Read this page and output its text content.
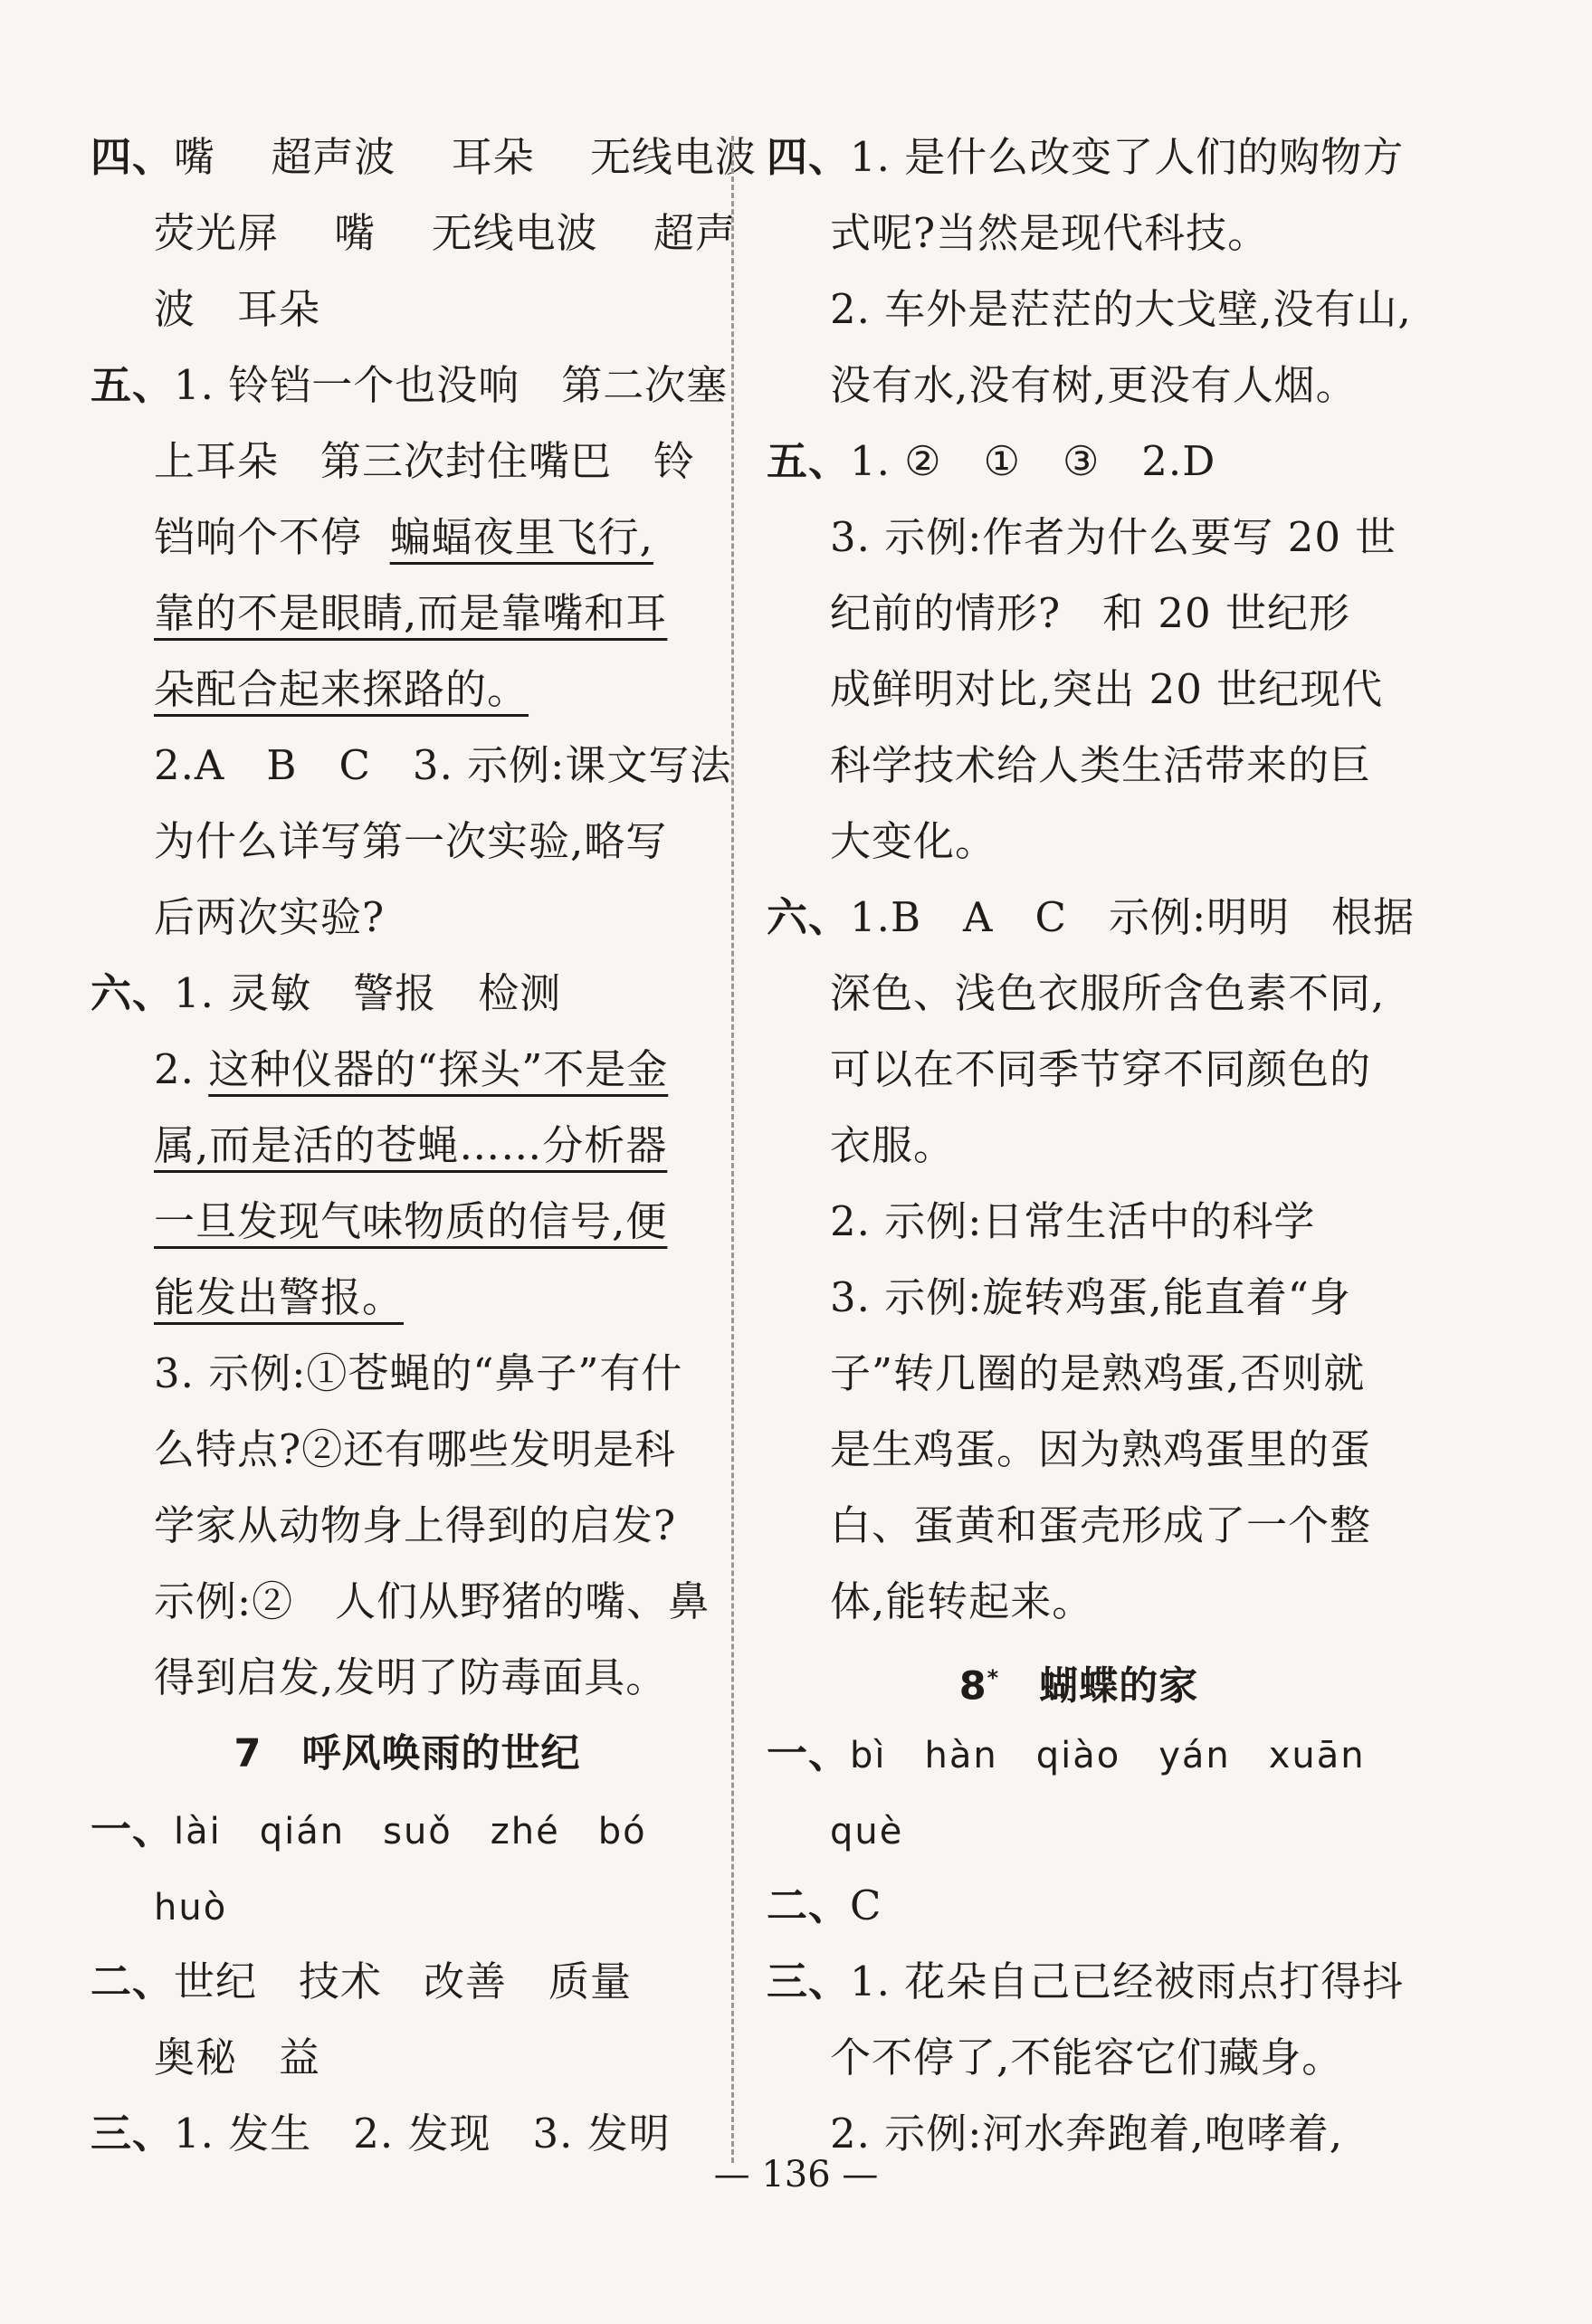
四、嘴　 超声波 　耳朵 　无线电波
荧光屏　 嘴 　无线电波 　超声
波　耳朵
五、1. 铃铛一个也没响　第二次塞
上耳朵　第三次封住嘴巴　铃
铛响个不停 蝙蝠夜里飞行,
靠的不是眼睛,而是靠嘴和耳
朵配合起来探路的。
2.A　B　C　3. 示例:课文写法
为什么详写第一次实验,略写
后两次实验?
六、1. 灵敏　警报　检测
2. 这种仪器的“探头”不是金
属,而是活的苍蝇……分析器
一旦发现气味物质的信号,便
能发出警报。
3. 示例:①苍蝇的“鼻子”有什
么特点?②还有哪些发明是科
学家从动物身上得到的启发?
示例:②　人们从野猪的嘴、鼻
得到启发,发明了防毒面具。
7　呼风唤雨的世纪
一、lài　qián　suǒ　zhé　bó
huò
二、世纪　技术　改善　质量
奥秘　益
三、1. 发生　2. 发现　3. 发明
四、1. 是什么改变了人们的购物方
式呢?当然是现代科技。
2. 车外是茫茫的大戈壁,没有山,
没有水,没有树,更没有人烟。
五、1. ②　①　③　2.D
3. 示例:作者为什么要写 20 世
纪前的情形?　和 20 世纪形
成鲜明对比,突出 20 世纪现代
科学技术给人类生活带来的巨
大变化。
六、1.B　A　C　示例:明明　根据
深色、浅色衣服所含色素不同,
可以在不同季节穿不同颜色的
衣服。
2. 示例:日常生活中的科学
3. 示例:旋转鸡蛋,能直着“身
子”转几圈的是熟鸡蛋,否则就
是生鸡蛋。因为熟鸡蛋里的蛋
白、蛋黄和蛋壳形成了一个整
体,能转起来。
8*　蝴蝶的家
一、bì　hàn　qiào　yán　xuān
què
二、C
三、1. 花朵自己已经被雨点打得抖
个不停了,不能容它们藏身。
2. 示例:河水奔跑着,咆哮着,
— 136 —
